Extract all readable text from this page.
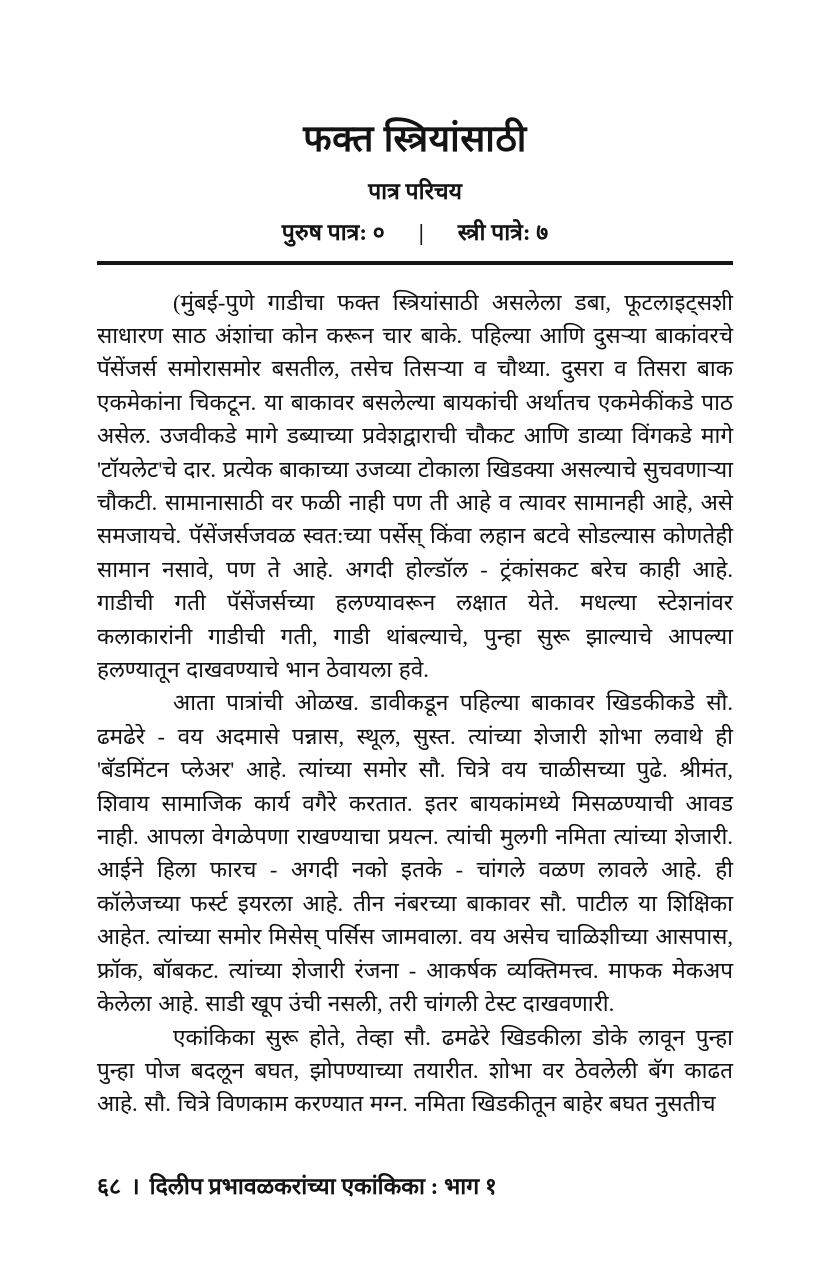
फक्त स्त्रियांसाठी
पात्र परिचय
पुरुष पात्र: ० | स्त्री पात्रे: ७

(मुंबई-पुणे गाडीचा फक्त स्त्रियांसाठी असलेला डबा, फूटलाइट्सशी साधारण साठ अंशांचा कोन करून चार बाके. पहिल्या आणि दुसऱ्या बाकांवरचे पॅसेंजर्स समोरासमोर बसतील, तसेच तिसऱ्या व चौथ्या. दुसरा व तिसरा बाक एकमेकांना चिकटून. या बाकावर बसलेल्या बायकांची अर्थातच एकमेकींकडे पाठ असेल. उजवीकडे मागे डब्याच्या प्रवेशद्वाराची चौकट आणि डाव्या विंगकडे मागे 'टॉयलेट'चे दार. प्रत्येक बाकाच्या उजव्या टोकाला खिडक्या असल्याचे सुचवणाऱ्या चौकटी. सामानासाठी वर फळी नाही पण ती आहे व त्यावर सामानही आहे, असे समजायचे. पॅसेंजर्सजवळ स्वत:च्या पर्सेस् किंवा लहान बटवे सोडल्यास कोणतेही सामान नसावे, पण ते आहे. अगदी होल्डॉल - ट्रंकांसकट बरेच काही आहे. गाडीची गती पॅसेंजर्सच्या हलण्यावरून लक्षात येते. मधल्या स्टेशनांवर कलाकारांनी गाडीची गती, गाडी थांबल्याचे, पुन्हा सुरू झाल्याचे आपल्या हलण्यातून दाखवण्याचे भान ठेवायला हवे.

आता पात्रांची ओळख. डावीकडून पहिल्या बाकावर खिडकीकडे सौ. ढमढेरे - वय अदमासे पन्नास, स्थूल, सुस्त. त्यांच्या शेजारी शोभा लवाथे ही 'बॅडमिंटन प्लेअर' आहे. त्यांच्या समोर सौ. चित्रे वय चाळीसच्या पुढे. श्रीमंत, शिवाय सामाजिक कार्य वगैरे करतात. इतर बायकांमध्ये मिसळण्याची आवड नाही. आपला वेगळेपणा राखण्याचा प्रयत्न. त्यांची मुलगी नमिता त्यांच्या शेजारी. आईने हिला फारच - अगदी नको इतके - चांगले वळण लावले आहे. ही कॉलेजच्या फर्स्ट इयरला आहे. तीन नंबरच्या बाकावर सौ. पाटील या शिक्षिका आहेत. त्यांच्या समोर मिसेस् पर्सिस जामवाला. वय असेच चाळिशीच्या आसपास, फ्रॉक, बॉबकट. त्यांच्या शेजारी रंजना - आकर्षक व्यक्तिमत्त्व. माफक मेकअप केलेला आहे. साडी खूप उंची नसली, तरी चांगली टेस्ट दाखवणारी.

एकांकिका सुरू होते, तेव्हा सौ. ढमढेरे खिडकीला डोके लावून पुन्हा पुन्हा पोज बदलून बघत, झोपण्याच्या तयारीत. शोभा वर ठेवलेली बॅग काढत आहे. सौ. चित्रे विणकाम करण्यात मग्न. नमिता खिडकीतून बाहेर बघत नुसतीच

६८ । दिलीप प्रभावळकरांच्या एकांकिका : भाग १
